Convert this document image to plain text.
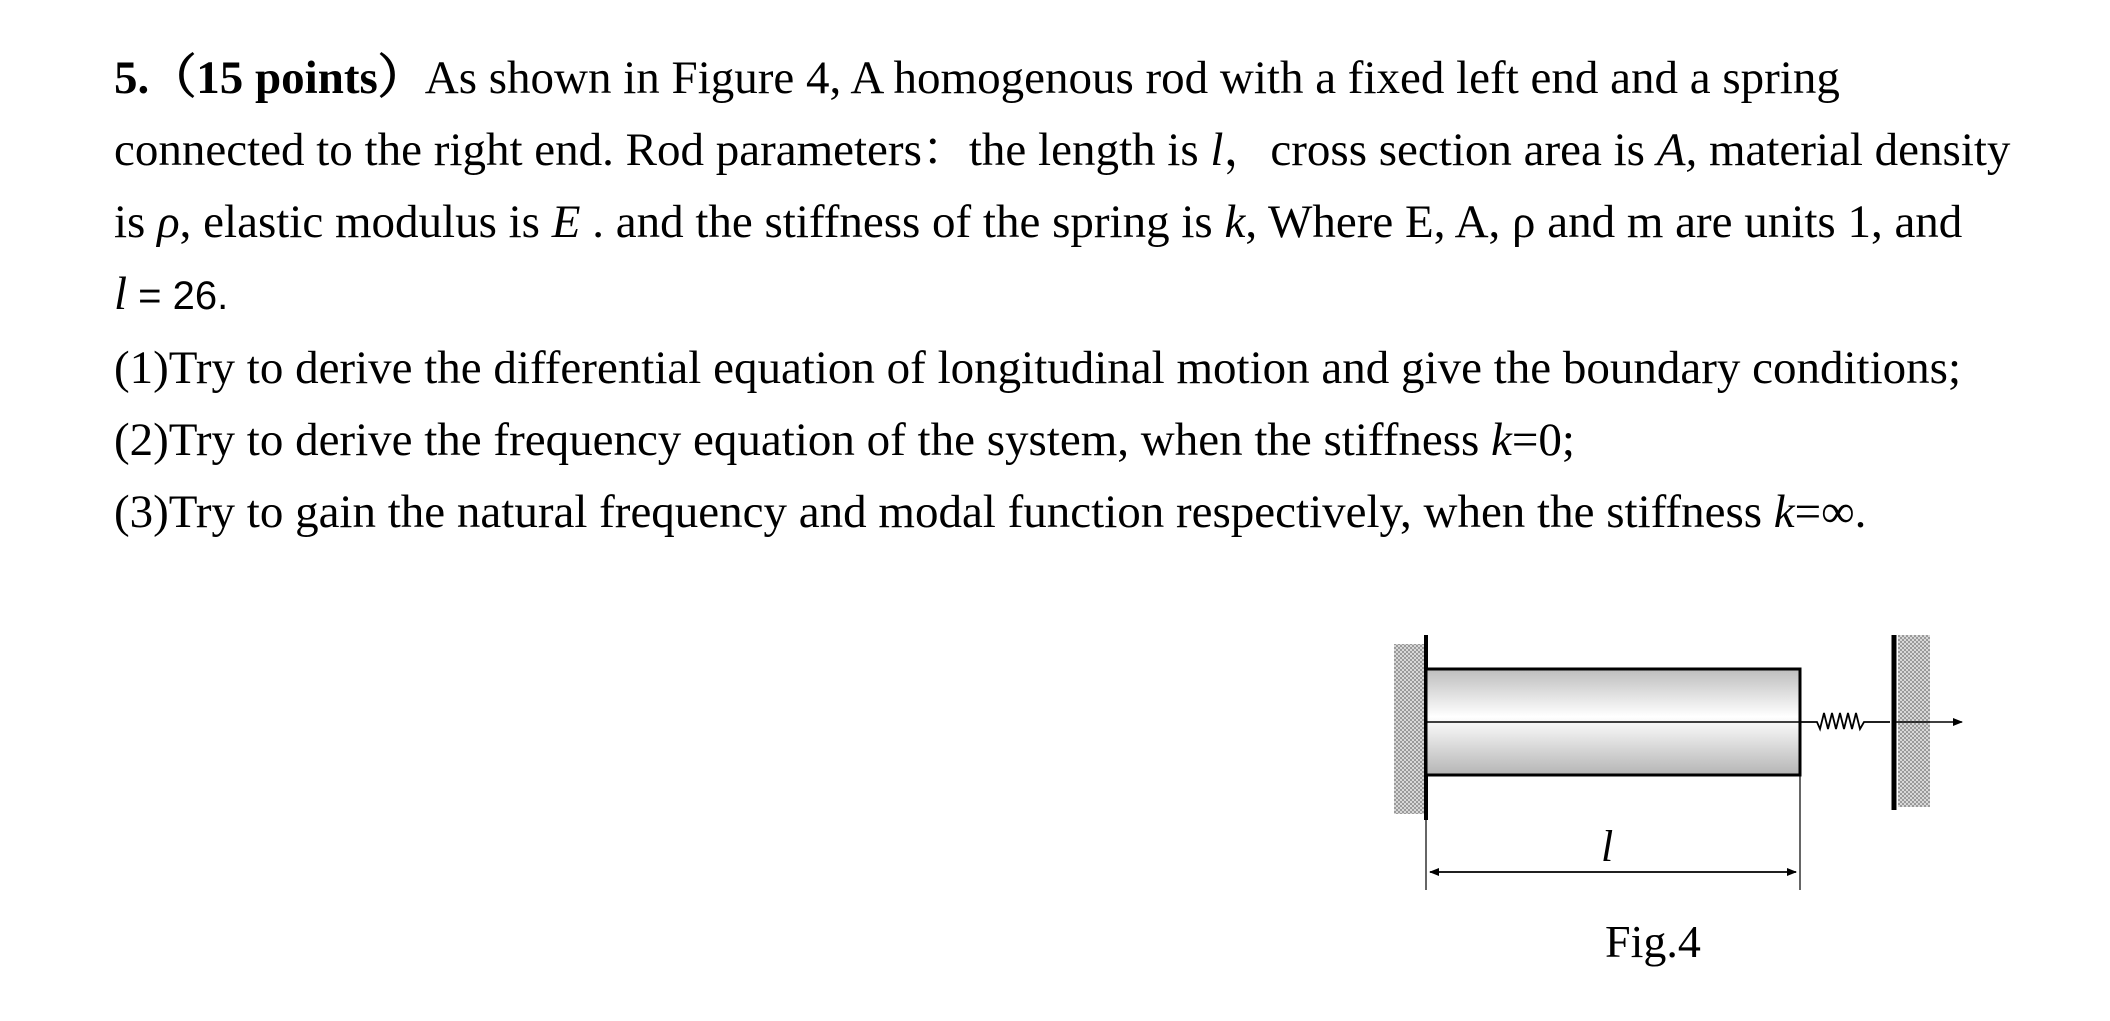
5.（15 points）As shown in Figure 4, A homogenous rod with a fixed left end and a spring

connected to the right end. Rod parameters：the length is l，cross section area is A, material density

is ρ, elastic modulus is E . and the stiffness of the spring is k, Where E, A, ρ and m are units 1, and

l = 26.

(1)Try to derive the differential equation of longitudinal motion and give the boundary conditions;

(2)Try to derive the frequency equation of the system, when the stiffness k=0;

(3)Try to gain the natural frequency and modal function respectively, when the stiffness k=∞.

l
Fig.4
